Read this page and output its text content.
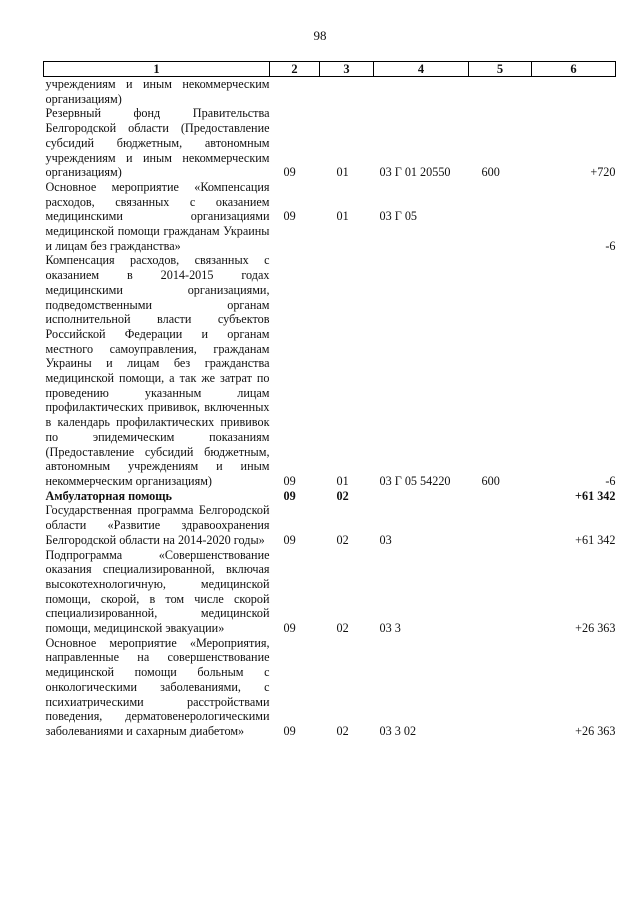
98
1	2	3	4	5	6
учреждениям и иным некоммерческим организациям)					
Резервный фонд Правительства Белгородской области (Предоставление субсидий бюджетным, автономным учреждениям и иным некоммерческим организациям)	09	01	03 Г 01 20550	600	+720
Основное мероприятие «Компенсация расходов, связанных с оказанием медицинскими организациями медицинской помощи гражданам Украины и лицам без гражданства»	09	01	03 Г 05		-6
Компенсация расходов, связанных с оказанием в 2014-2015 годах медицинскими организациями, подведомственными органам исполнительной власти субъектов Российской Федерации и органам местного самоуправления, гражданам Украины и лицам без гражданства медицинской помощи, а так же затрат по проведению указанным лицам профилактических прививок, включенных в календарь профилактических прививок по эпидемическим показаниям (Предоставление субсидий бюджетным, автономным учреждениям и иным некоммерческим организациям)	09	01	03 Г 05 54220	600	-6
Амбулаторная помощь	09	02			+61 342
Государственная программа Белгородской области «Развитие здравоохранения Белгородской области на 2014-2020 годы»	09	02	03		+61 342
Подпрограмма «Совершенствование оказания специализированной, включая высокотехнологичную, медицинской помощи, скорой, в том числе скорой специализированной, медицинской помощи, медицинской эвакуации»	09	02	03 3		+26 363
Основное мероприятие «Мероприятия, направленные на совершенствование медицинской помощи больным с онкологическими заболеваниями, с психиатрическими расстройствами поведения, дерматовенерологическими заболеваниями и сахарным диабетом»	09	02	03 3 02		+26 363
